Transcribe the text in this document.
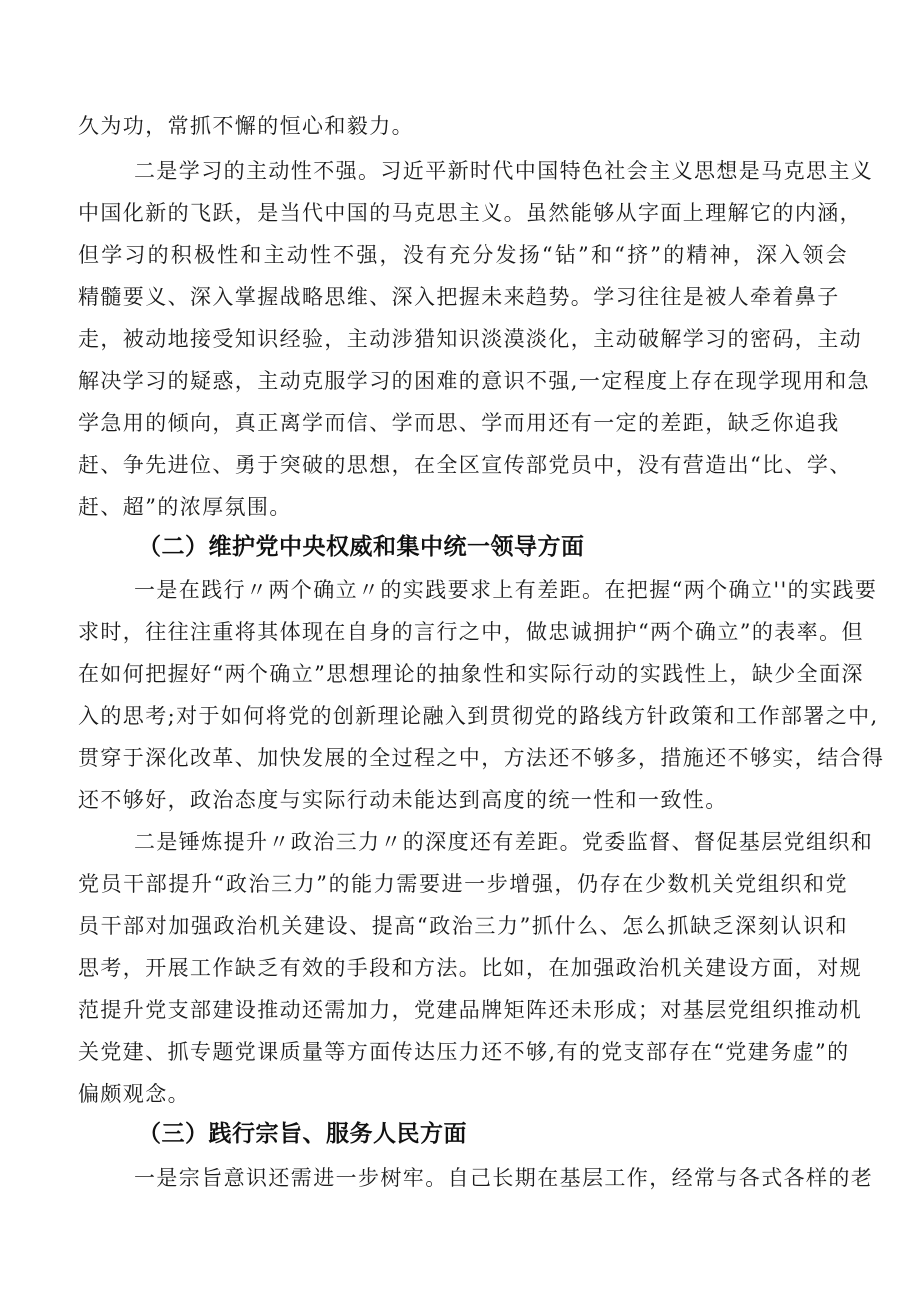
久为功，常抓不懈的恒心和毅力。
二是学习的主动性不强。习近平新时代中国特色社会主义思想是马克思主义
中国化新的飞跃，是当代中国的马克思主义。虽然能够从字面上理解它的内涵，
但学习的积极性和主动性不强，没有充分发扬“钻”和“挤”的精神，深入领会
精髓要义、深入掌握战略思维、深入把握未来趋势。学习往往是被人牵着鼻子
走，被动地接受知识经验，主动涉猎知识淡漠淡化，主动破解学习的密码，主动
解决学习的疑惑，主动克服学习的困难的意识不强,一定程度上存在现学现用和急
学急用的倾向，真正离学而信、学而思、学而用还有一定的差距，缺乏你追我
赶、争先进位、勇于突破的思想，在全区宣传部党员中，没有营造出“比、学、
赶、超”的浓厚氛围。
（二）维护党中央权威和集中统一领导方面
一是在践行〃两个确立〃的实践要求上有差距。在把握“两个确立''的实践要
求时，往往注重将其体现在自身的言行之中，做忠诚拥护“两个确立”的表率。但
在如何把握好“两个确立”思想理论的抽象性和实际行动的实践性上，缺少全面深
入的思考;对于如何将党的创新理论融入到贯彻党的路线方针政策和工作部署之中,
贯穿于深化改革、加快发展的全过程之中，方法还不够多，措施还不够实，结合得
还不够好，政治态度与实际行动未能达到高度的统一性和一致性。
二是锤炼提升〃政治三力〃的深度还有差距。党委监督、督促基层党组织和
党员干部提升“政治三力”的能力需要进一步增强，仍存在少数机关党组织和党
员干部对加强政治机关建设、提高“政治三力”抓什么、怎么抓缺乏深刻认识和
思考，开展工作缺乏有效的手段和方法。比如，在加强政治机关建设方面，对规
范提升党支部建设推动还需加力，党建品牌矩阵还未形成；对基层党组织推动机
关党建、抓专题党课质量等方面传达压力还不够,有的党支部存在“党建务虚”的
偏颇观念。
（三）践行宗旨、服务人民方面
一是宗旨意识还需进一步树牢。自己长期在基层工作，经常与各式各样的老
